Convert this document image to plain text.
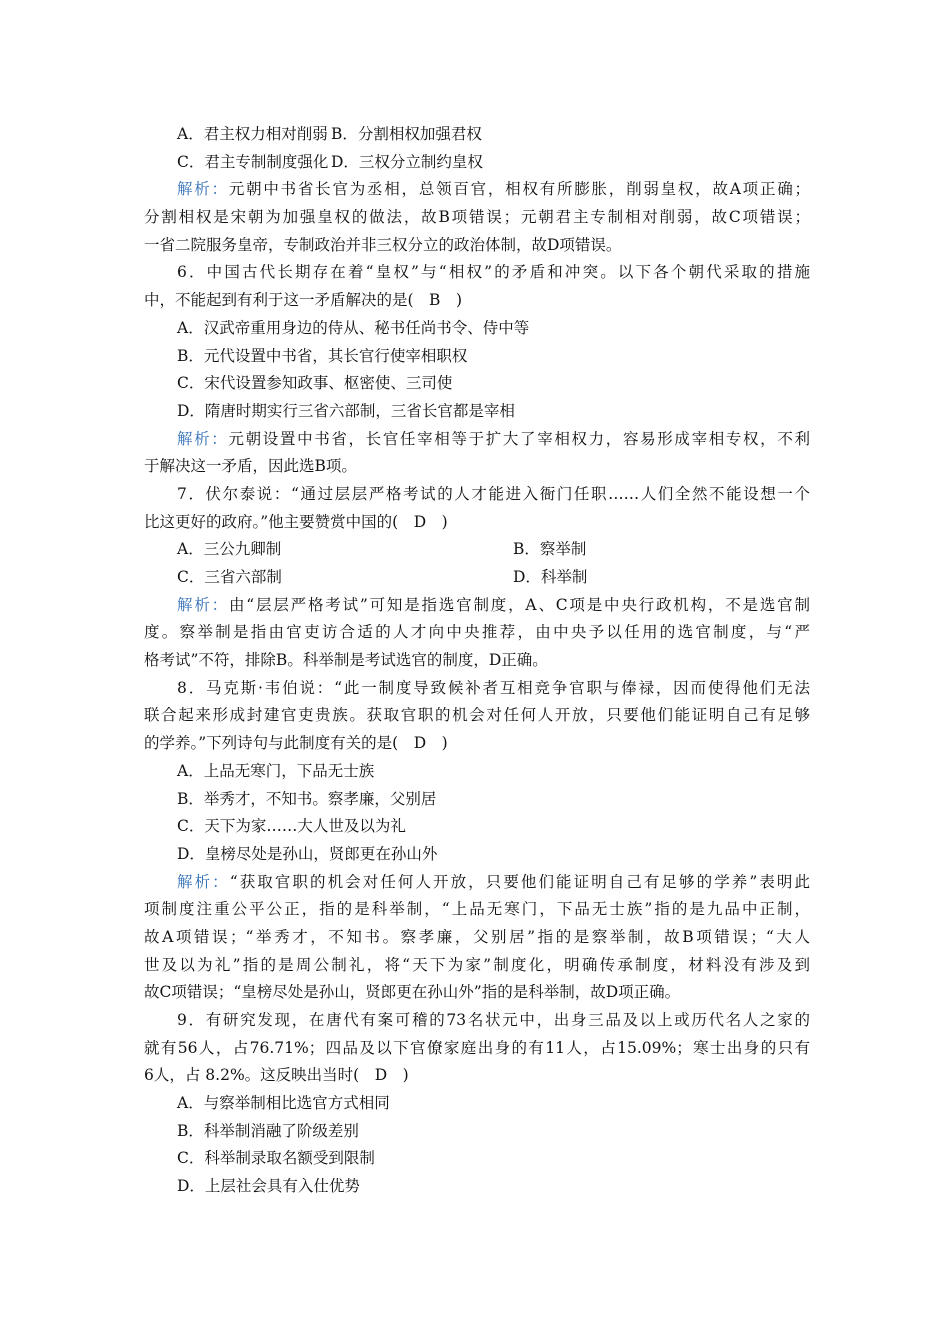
A．君主权力相对削弱 B．分割相权加强君权
C．君主专制制度强化 D．三权分立制约皇权
解析：元朝中书省长官为丞相，总领百官，相权有所膨胀，削弱皇权，故A项正确；
分割相权是宋朝为加强皇权的做法，故B项错误；元朝君主专制相对削弱，故C项错误；
一省二院服务皇帝，专制政治并非三权分立的政治体制，故D项错误。
6．中国古代长期存在着“皇权”与“相权”的矛盾和冲突。以下各个朝代采取的措施
中，不能起到有利于这一矛盾解决的是(　B　)
A．汉武帝重用身边的侍从、秘书任尚书令、侍中等
B．元代设置中书省，其长官行使宰相职权
C．宋代设置参知政事、枢密使、三司使
D．隋唐时期实行三省六部制，三省长官都是宰相
解析：元朝设置中书省，长官任宰相等于扩大了宰相权力，容易形成宰相专权，不利
于解决这一矛盾，因此选B项。
7．伏尔泰说：“通过层层严格考试的人才能进入衙门任职……人们全然不能设想一个
比这更好的政府。”他主要赞赏中国的(　D　)
A．三公九卿制	B．察举制
C．三省六部制	D．科举制
解析：由“层层严格考试”可知是指选官制度，A、C项是中央行政机构，不是选官制
度。察举制是指由官吏访合适的人才向中央推荐，由中央予以任用的选官制度，与“严
格考试”不符，排除B。科举制是考试选官的制度，D正确。
8．马克斯·韦伯说：“此一制度导致候补者互相竞争官职与俸禄，因而使得他们无法
联合起来形成封建官吏贵族。获取官职的机会对任何人开放，只要他们能证明自己有足够
的学养。”下列诗句与此制度有关的是(　D　)
A．上品无寒门，下品无士族
B．举秀才，不知书。察孝廉，父别居
C．天下为家……大人世及以为礼
D．皇榜尽处是孙山，贤郎更在孙山外
解析：“获取官职的机会对任何人开放，只要他们能证明自己有足够的学养”表明此
项制度注重公平公正，指的是科举制，“上品无寒门，下品无士族”指的是九品中正制，
故A项错误；“举秀才，不知书。察孝廉，父别居”指的是察举制，故B项错误；“大人
世及以为礼”指的是周公制礼，将“天下为家”制度化，明确传承制度，材料没有涉及到
故C项错误；“皇榜尽处是孙山，贤郎更在孙山外”指的是科举制，故D项正确。
9．有研究发现，在唐代有案可稽的73名状元中，出身三品及以上或历代名人之家的
就有56人，占76.71%；四品及以下官僚家庭出身的有11人，占15.09%；寒士出身的只有
6人，占 8.2%。这反映出当时(　D　)
A．与察举制相比选官方式相同
B．科举制消融了阶级差别
C．科举制录取名额受到限制
D．上层社会具有入仕优势
